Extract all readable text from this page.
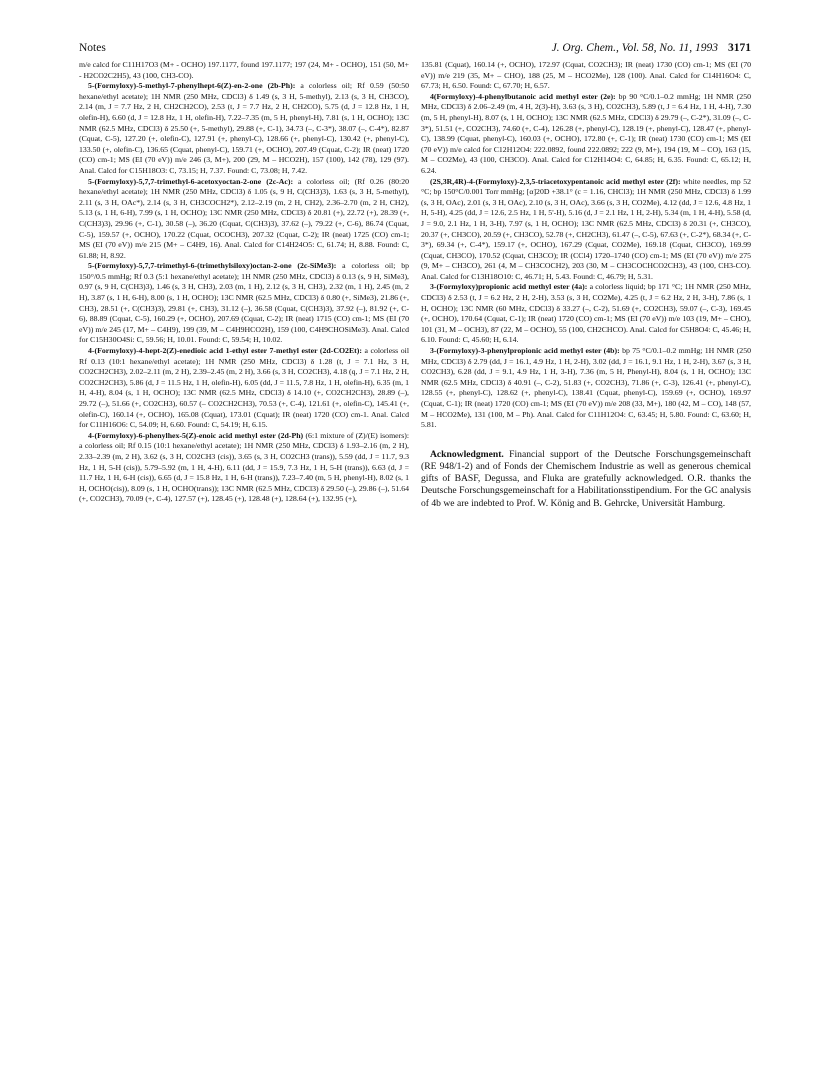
Notes	J. Org. Chem., Vol. 58, No. 11, 1993 3171

m/e calcd for C11H17O3 (M+ - OCHO) 197.1177, found 197.1177; 197 (24, M+ - OCHO), 151 (50, M+ - H2CO2C2H5), 43 (100, CH3-CO).

5-(Formyloxy)-5-methyl-7-phenylhept-6(Z)-en-2-one (2b-Ph): a colorless oil; Rf 0.59 (50:50 hexane/ethyl acetate); 1H NMR (250 MHz, CDCl3) δ 1.49 (s, 3 H, 5-methyl), 2.13 (s, 3 H, CH3CO), 2.14 (m, J = 7.7 Hz, 2 H, CH2CH2CO), 2.53 (t, J = 7.7 Hz, 2 H, CH2CO), 5.75 (d, J = 12.8 Hz, 1 H, olefin-H), 6.60 (d, J = 12.8 Hz, 1 H, olefin-H), 7.22–7.35 (m, 5 H, phenyl-H), 7.81 (s, 1 H, OCHO); 13C NMR (62.5 MHz, CDCl3) δ 25.50 (+, 5-methyl), 29.88 (+, C-1), 34.73 (–, C-3*), 38.07 (–, C-4*), 82.87 (Cquat, C-5), 127.20 (+, olefin-C), 127.91 (+, phenyl-C), 128.66 (+, phenyl-C), 130.42 (+, phenyl-C), 133.50 (+, olefin-C), 136.65 (Cquat, phenyl-C), 159.71 (+, OCHO), 207.49 (Cquat, C-2); IR (neat) 1720 (CO) cm-1; MS (EI (70 eV)) m/e 246 (3, M+), 200 (29, M – HCO2H), 157 (100), 142 (78), 129 (97). Anal. Calcd for C15H18O3: C, 73.15; H, 7.37. Found: C, 73.08; H, 7.42.

5-(Formyloxy)-5,7,7-trimethyl-6-acetoxyoctan-2-one (2c-Ac): a colorless oil; (Rf 0.26 (80:20 hexane/ethyl acetate); 1H NMR (250 MHz, CDCl3) δ 1.05 (s, 9 H, C(CH3)3), 1.63 (s, 3 H, 5-methyl), 2.11 (s, 3 H, OAc*), 2.14 (s, 3 H, CH3COCH2*), 2.12–2.19 (m, 2 H, CH2), 2.36–2.70 (m, 2 H, CH2), 5.13 (s, 1 H, 6-H), 7.99 (s, 1 H, OCHO); 13C NMR (250 MHz, CDCl3) δ 20.81 (+), 22.72 (+), 28.39 (+, C(CH3)3), 29.96 (+, C-1), 30.58 (–), 36.20 (Cquat, C(CH3)3), 37.62 (–), 79.22 (+, C-6), 86.74 (Cquat, C-5), 159.57 (+, OCHO), 170.22 (Cquat, OCOCH3), 207.32 (Cquat, C-2); IR (neat) 1725 (CO) cm-1; MS (EI (70 eV)) m/e 215 (M+ – C4H9, 16). Anal. Calcd for C14H24O5: C, 61.74; H, 8.88. Found: C, 61.88; H, 8.92.

5-(Formyloxy)-5,7,7-trimethyl-6-(trimethylsiloxy)octan-2-one (2c-SiMe3): a colorless oil; bp 150°/0.5 mmHg; Rf 0.3 (5:1 hexane/ethyl acetate); 1H NMR (250 MHz, CDCl3) δ 0.13 (s, 9 H, SiMe3), 0.97 (s, 9 H, C(CH3)3), 1.46 (s, 3 H, CH3), 2.03 (m, 1 H), 2.12 (s, 3 H, CH3), 2.32 (m, 1 H), 2.45 (m, 2 H), 3.87 (s, 1 H, 6-H), 8.00 (s, 1 H, OCHO); 13C NMR (62.5 MHz, CDCl3) δ 0.80 (+, SiMe3), 21.86 (+, CH3), 28.51 (+, C(CH3)3), 29.81 (+, CH3), 31.12 (–), 36.58 (Cquat, C(CH3)3), 37.92 (–), 81.92 (+, C-6), 88.89 (Cquat, C-5), 160.29 (+, OCHO), 207.69 (Cquat, C-2); IR (neat) 1715 (CO) cm-1; MS (EI (70 eV)) m/e 245 (17, M+ – C4H9), 199 (39, M – C4H9HCO2H), 159 (100, C4H9CHOSiMe3). Anal. Calcd for C15H30O4Si: C, 59.56; H, 10.01. Found: C, 59.54; H, 10.02.

4-(Formyloxy)-4-hept-2(Z)-enedioic acid 1-ethyl ester 7-methyl ester (2d-CO2Et): a colorless oil Rf 0.13 (10:1 hexane/ethyl acetate); 1H NMR (250 MHz, CDCl3) δ 1.28 (t, J = 7.1 Hz, 3 H, CO2CH2CH3), 2.02–2.11 (m, 2 H), 2.39–2.45 (m, 2 H), 3.66 (s, 3 H, CO2CH3), 4.18 (q, J = 7.1 Hz, 2 H, CO2CH2CH3), 5.86 (d, J = 11.5 Hz, 1 H, olefin-H), 6.05 (dd, J = 11.5, 7.8 Hz, 1 H, olefin-H), 6.35 (m, 1 H, 4-H), 8.04 (s, 1 H, OCHO); 13C NMR (62.5 MHz, CDCl3) δ 14.10 (+, CO2CH2CH3), 28.89 (–), 29.72 (–), 51.66 (+, CO2CH3), 60.57 (– CO2CH2CH3), 70.53 (+, C-4), 121.61 (+, olefin-C), 145.41 (+, olefin-C), 160.14 (+, OCHO), 165.08 (Cquat), 173.01 (Cquat); IR (neat) 1720 (CO) cm-1. Anal. Calcd for C11H16O6: C, 54.09; H, 6.60. Found: C, 54.19; H, 6.15.

4-(Formyloxy)-6-phenylhex-5(Z)-enoic acid methyl ester (2d-Ph) (6:1 mixture of (Z)/(E) isomers): a colorless oil; Rf 0.15 (10:1 hexane/ethyl acetate); 1H NMR (250 MHz, CDCl3) δ 1.93–2.16 (m, 2 H), 2.33–2.39 (m, 2 H), 3.62 (s, 3 H, CO2CH3 (cis)), 3.65 (s, 3 H, CO2CH3 (trans)), 5.59 (dd, J = 11.7, 9.3 Hz, 1 H, 5-H (cis)), 5.79–5.92 (m, 1 H, 4-H), 6.11 (dd, J = 15.9, 7.3 Hz, 1 H, 5-H (trans)), 6.63 (d, J = 11.7 Hz, 1 H, 6-H (cis)), 6.65 (d, J = 15.8 Hz, 1 H, 6-H (trans)), 7.23–7.40 (m, 5 H, phenyl-H), 8.02 (s, 1 H, OCHO(cis)), 8.09 (s, 1 H, OCHO(trans)); 13C NMR (62.5 MHz, CDCl3) δ 29.50 (–), 29.86 (–), 51.64 (+, CO2CH3), 70.09 (+, C-4), 127.57 (+), 128.45 (+), 128.48 (+), 128.64 (+), 132.95 (+),

135.81 (Cquat), 160.14 (+, OCHO), 172.97 (Cquat, CO2CH3); IR (neat) 1730 (CO) cm-1; MS (EI (70 eV)) m/e 219 (35, M+ – CHO), 188 (25, M – HCO2Me), 128 (100). Anal. Calcd for C14H16O4: C, 67.73; H, 6.50. Found: C, 67.70; H, 6.57.

4(Formyloxy)-4-phenylbutanoic acid methyl ester (2e): bp 90 °C/0.1–0.2 mmHg; 1H NMR (250 MHz, CDCl3) δ 2.06–2.49 (m, 4 H, 2(3)-H), 3.63 (s, 3 H), CO2CH3), 5.89 (t, J = 6.4 Hz, 1 H, 4-H), 7.30 (m, 5 H, phenyl-H), 8.07 (s, 1 H, OCHO); 13C NMR (62.5 MHz, CDCl3) δ 29.79 (–, C-2*), 31.09 (–, C-3*), 51.51 (+, CO2CH3), 74.60 (+, C-4), 126.28 (+, phenyl-C), 128.19 (+, phenyl-C), 128.47 (+, phenyl-C), 138.99 (Cquat, phenyl-C), 160.03 (+, OCHO), 172.80 (+, C-1); IR (neat) 1730 (CO) cm-1; MS (EI (70 eV)) m/e calcd for C12H12O4: 222.0892, found 222.0892; 222 (9, M+), 194 (19, M – CO), 163 (15, M – CO2Me), 43 (100, CH3CO). Anal. Calcd for C12H14O4: C, 64.85; H, 6.35. Found: C, 65.12; H, 6.24.

(2S,3R,4R)-4-(Formyloxy)-2,3,5-triacetoxypentanoic acid methyl ester (2f): white needles, mp 52 °C; bp 150°C/0.001 Torr mmHg; [α]20D +38.1° (c = 1.16, CHCl3); 1H NMR (250 MHz, CDCl3) δ 1.99 (s, 3 H, OAc), 2.01 (s, 3 H, OAc), 2.10 (s, 3 H, OAc), 3.66 (s, 3 H, CO2Me), 4.12 (dd, J = 12.6, 4.8 Hz, 1 H, 5-H), 4.25 (dd, J = 12.6, 2.5 Hz, 1 H, 5'-H), 5.16 (d, J = 2.1 Hz, 1 H, 2-H), 5.34 (m, 1 H, 4-H), 5.58 (d, J = 9.0, 2.1 Hz, 1 H, 3-H), 7.97 (s, 1 H, OCHO); 13C NMR (62.5 MHz, CDCl3) δ 20.31 (+, CH3CO), 20.37 (+, CH3CO), 20.59 (+, CH3CO), 52.78 (+, CH2CH3), 61.47 (–, C-5), 67.63 (+, C-2*), 68.34 (+, C-3*), 69.34 (+, C-4*), 159.17 (+, OCHO), 167.29 (Cquat, CO2Me), 169.18 (Cquat, CH3CO), 169.99 (Cquat, CH3CO), 170.52 (Cquat, CH3CO); IR (CCl4) 1720–1740 (CO) cm-1; MS (EI (70 eV)) m/e 275 (9, M+ – CH3CO), 261 (4, M – CH3COCH2), 203 (30, M – CH3COCHCO2CH3), 43 (100, CH3-CO). Anal. Calcd for C13H18O10: C, 46.71; H, 5.43. Found: C, 46.79; H, 5.31.

3-(Formyloxy)propionic acid methyl ester (4a): a colorless liquid; bp 171 °C; 1H NMR (250 MHz, CDCl3) δ 2.53 (t, J = 6.2 Hz, 2 H, 2-H), 3.53 (s, 3 H, CO2Me), 4.25 (t, J = 6.2 Hz, 2 H, 3-H), 7.86 (s, 1 H, OCHO); 13C NMR (60 MHz, CDCl3) δ 33.27 (–, C-2), 51.69 (+, CO2CH3), 59.07 (–, C-3), 169.45 (+, OCHO), 170.64 (Cquat, C-1); IR (neat) 1720 (CO) cm-1; MS (EI (70 eV)) m/e 103 (19, M+ – CHO), 101 (31, M – OCH3), 87 (22, M – OCHO), 55 (100, CH2CHCO). Anal. Calcd for C5H8O4: C, 45.46; H, 6.10. Found: C, 45.60; H, 6.14.

3-(Formyloxy)-3-phenylpropionic acid methyl ester (4b): bp 75 °C/0.1–0.2 mmHg; 1H NMR (250 MHz, CDCl3) δ 2.79 (dd, J = 16.1, 4.9 Hz, 1 H, 2-H), 3.02 (dd, J = 16.1, 9.1 Hz, 1 H, 2-H), 3.67 (s, 3 H, CO2CH3), 6.28 (dd, J = 9.1, 4.9 Hz, 1 H, 3-H), 7.36 (m, 5 H, Phenyl-H), 8.04 (s, 1 H, OCHO); 13C NMR (62.5 MHz, CDCl3) δ 40.91 (–, C-2), 51.83 (+, CO2CH3), 71.86 (+, C-3), 126.41 (+, phenyl-C), 128.55 (+, phenyl-C), 128.62 (+, phenyl-C), 138.41 (Cquat, phenyl-C), 159.69 (+, OCHO), 169.97 (Cquat, C-1); IR (neat) 1720 (CO) cm-1; MS (EI (70 eV)) m/e 208 (33, M+), 180 (42, M – CO), 148 (57, M – HCO2Me), 131 (100, M – Ph). Anal. Calcd for C11H12O4: C, 63.45; H, 5.80. Found: C, 63.60; H, 5.81.

Acknowledgment. Financial support of the Deutsche Forschungsgemeinschaft (RE 948/1-2) and of Fonds der Chemischem Industrie as well as generous chemical gifts of BASF, Degussa, and Fluka are gratefully acknowledged. O.R. thanks the Deutsche Forschungsgemeinschaft for a Habilitationsstipendium. For the GC analysis of 4b we are indebted to Prof. W. König and B. Gehrcke, Universität Hamburg.
